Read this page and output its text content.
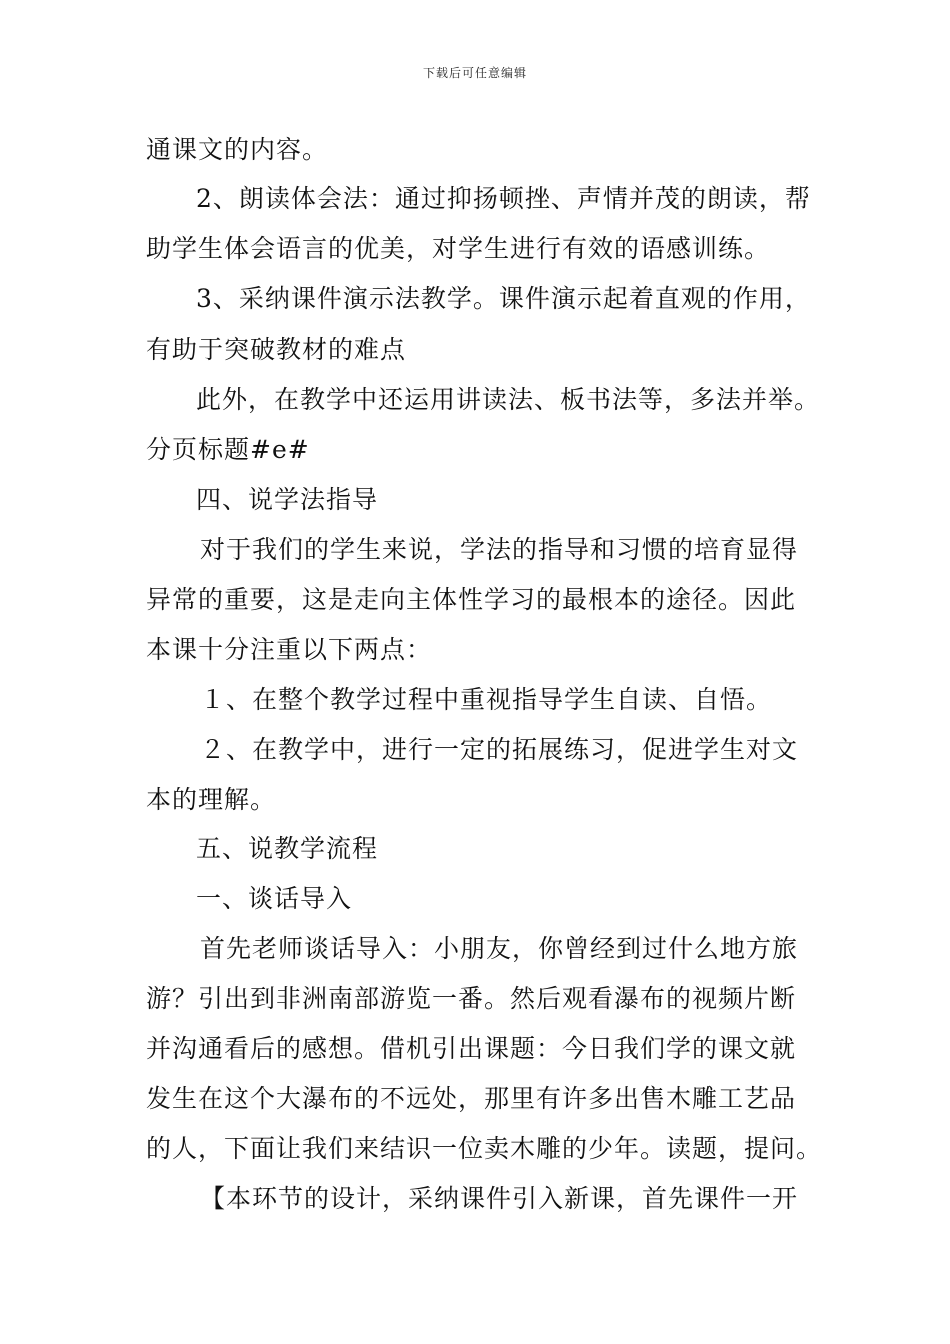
下载后可任意编辑
通课文的内容。
2、朗读体会法：通过抑扬顿挫、声情并茂的朗读，帮
助学生体会语言的优美，对学生进行有效的语感训练。
3、采纳课件演示法教学。课件演示起着直观的作用，
有助于突破教材的难点
此外，在教学中还运用讲读法、板书法等，多法并举。
分页标题#e#
四、说学法指导
对于我们的学生来说，学法的指导和习惯的培育显得
异常的重要，这是走向主体性学习的最根本的途径。因此
本课十分注重以下两点：
１、在整个教学过程中重视指导学生自读、自悟。
２、在教学中，进行一定的拓展练习，促进学生对文
本的理解。
五、说教学流程
一、谈话导入
首先老师谈话导入：小朋友，你曾经到过什么地方旅
游？引出到非洲南部游览一番。然后观看瀑布的视频片断
并沟通看后的感想。借机引出课题：今日我们学的课文就
发生在这个大瀑布的不远处，那里有许多出售木雕工艺品
的人，下面让我们来结识一位卖木雕的少年。读题，提问。
【本环节的设计，采纳课件引入新课，首先课件一开
